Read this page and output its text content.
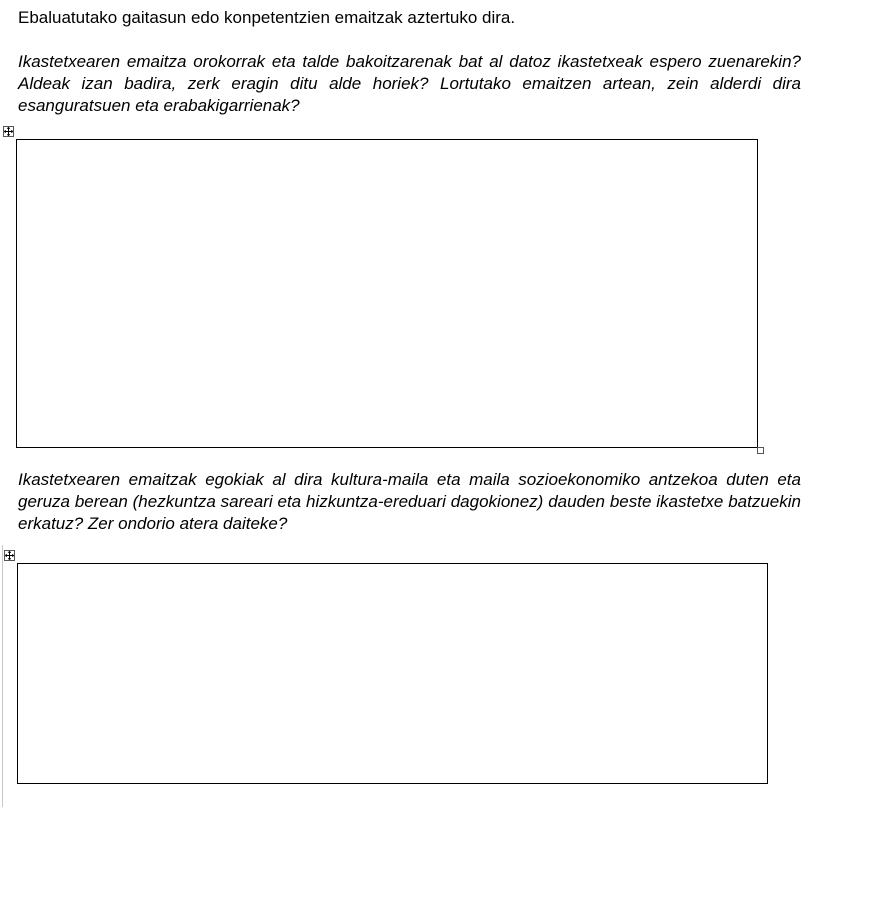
Ebaluatutako gaitasun edo konpetentzien emaitzak aztertuko dira.

Ikastetxearen emaitza orokorrak eta talde bakoitzarenak bat al datoz ikastetxeak espero zuenarekin? Aldeak izan badira, zerk eragin ditu alde horiek? Lortutako emaitzen artean, zein alderdi dira esanguratsuen eta erabakigarrienak?

Ikastetxearen emaitzak egokiak al dira kultura-maila eta maila sozioekonomiko antzekoa duten eta geruza berean (hezkuntza sareari eta hizkuntza-ereduari dagokionez) dauden beste ikastetxe batzuekin erkatuz? Zer ondorio atera daiteke?
